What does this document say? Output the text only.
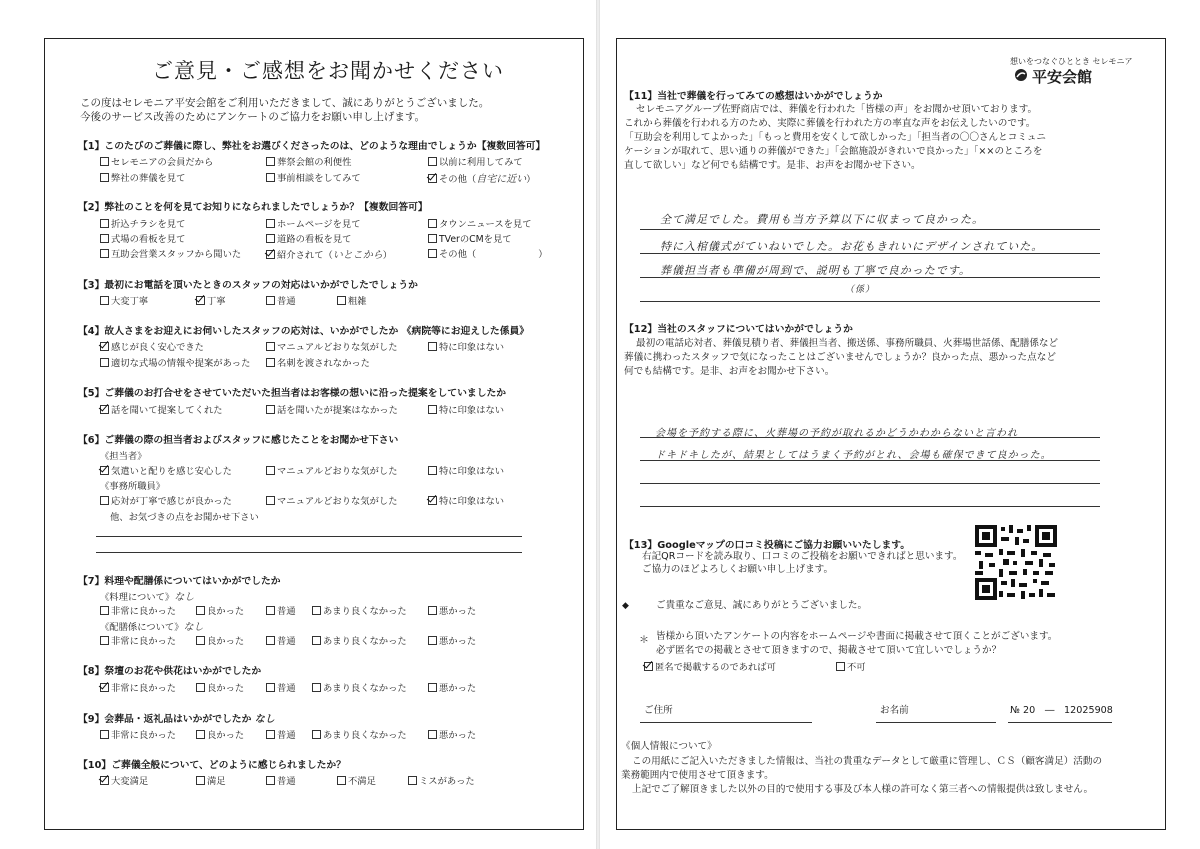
ご意見・ご感想をお聞かせください
この度はセレモニア平安会館をご利用いただきまして、誠にありがとうございました。
今後のサービス改善のためにアンケートのご協力をお願い申し上げます。
【1】このたびのご葬儀に際し、弊社をお選びくださったのは、どのような理由でしょうか【複数回答可】
セレモニアの会員だから	葬祭会館の利便性	以前に利用してみて
弊社の葬儀を見て	事前相談をしてみて	その他（自宅に近い）
【2】弊社のことを何を見てお知りになられましたでしょうか？【複数回答可】
折込チラシを見て	ホームページを見て	タウンニュースを見て
式場の看板を見て	道路の看板を見て	TVerのCMを見て
互助会営業スタッフから聞いた	紹介されて（いとこから）	その他（	）
【3】最初にお電話を頂いたときのスタッフの対応はいかがでしたでしょうか
大変丁寧	丁寧	普通	粗雑
【4】故人さまをお迎えにお伺いしたスタッフの応対は、いかがでしたか 《病院等にお迎えした係員》
感じが良く安心できた	マニュアルどおりな気がした	特に印象はない
適切な式場の情報や提案があった	名刺を渡されなかった
【5】ご葬儀のお打合せをさせていただいた担当者はお客様の想いに沿った提案をしていましたか
話を聞いて提案してくれた	話を聞いたが提案はなかった	特に印象はない
【6】ご葬儀の際の担当者およびスタッフに感じたことをお聞かせ下さい
《担当者》
気遣いと配りを感じ安心した	マニュアルどおりな気がした	特に印象はない
《事務所職員》
応対が丁寧で感じが良かった	マニュアルどおりな気がした	特に印象はない
他、お気づきの点をお聞かせ下さい
【7】料理や配膳係についてはいかがでしたか
《料理について》なし
非常に良かった	良かった	普通	あまり良くなかった	悪かった
《配膳係について》なし
非常に良かった	良かった	普通	あまり良くなかった	悪かった
【8】祭壇のお花や供花はいかがでしたか
非常に良かった	良かった	普通	あまり良くなかった	悪かった
【9】会葬品・返礼品はいかがでしたか なし
非常に良かった	良かった	普通	あまり良くなかった	悪かった
【10】ご葬儀全般について、どのように感じられましたか？
大変満足	満足	普通	不満足	ミスがあった
想いをつなぐひととき セレモニア
平安会館
【11】当社で葬儀を行ってみての感想はいかがでしょうか
セレモニアグループ佐野商店では、葬儀を行われた「皆様の声」をお聞かせ頂いております。
これから葬儀を行われる方のため、実際に葬儀を行われた方の率直な声をお伝えしたいのです。
「互助会を利用してよかった」「もっと費用を安くして欲しかった」「担当者の〇〇さんとコミュニ
ケーションが取れて、思い通りの葬儀ができた」「会館施設がきれいで良かった」「××のところを
直して欲しい」など何でも結構です。是非、お声をお聞かせ下さい。
全て満足でした。費用も当方予算以下に収まって良かった。
特に入棺儀式がていねいでした。お花もきれいにデザインされていた。
葬儀担当者も準備が周到で、説明も丁寧で良かったです。
（係）
【12】当社のスタッフについてはいかがでしょうか
最初の電話応対者、葬儀見積り者、葬儀担当者、搬送係、事務所職員、火葬場世話係、配膳係など
葬儀に携わったスタッフで気になったことはございませんでしょうか？良かった点、悪かった点など
何でも結構です。是非、お声をお聞かせ下さい。
会場を予約する際に、火葬場の予約が取れるかどうかわからないと言われ
ドキドキしたが、結果としてはうまく予約がとれ、会場も確保できて良かった。
【13】Googleマップの口コミ投稿にご協力お願いいたします。
右記QRコードを読み取り、口コミのご投稿をお願いできればと思います。
ご協力のほどよろしくお願い申し上げます。
◆	ご貴重なご意見、誠にありがとうございました。
＊ 皆様から頂いたアンケートの内容をホームページや書面に掲載させて頂くことがございます。
必ず匿名での掲載とさせて頂きますので、掲載させて頂いて宜しいでしょうか？
匿名で掲載するのであれば可	不可
ご住所	お名前	№ 20　 ―　 12025908
《個人情報について》
この用紙にご記入いただきました情報は、当社の貴重なデータとして厳重に管理し、ＣＳ（顧客満足）活動の
業務範囲内で使用させて頂きます。
上記でご了解頂きました以外の目的で使用する事及び本人様の許可なく第三者への情報提供は致しません。
